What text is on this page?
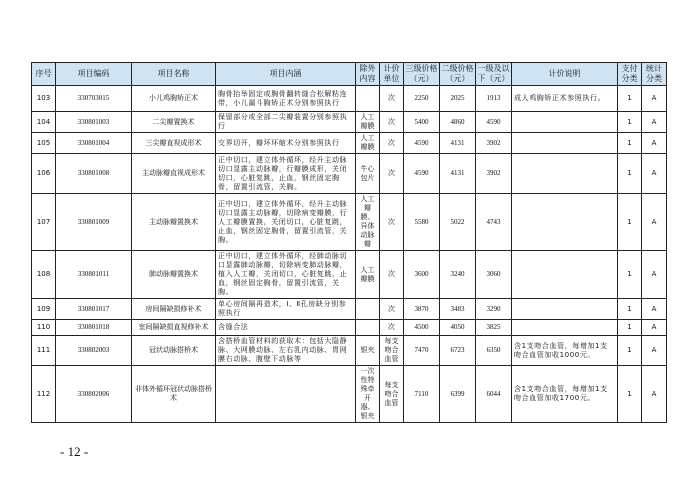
序号	项目编码	项目名称	项目内涵	除外内容	计价单位	三级价格（元）	二级价格（元）	一级及以下（元）	计价说明	支付分类	统计分类
103	330703015	小儿鸡胸矫正术	胸骨抬举固定或胸骨翻转缝合松解粘连带，小儿漏斗胸矫正术分别参照执行		次	2250	2025	1913	成人鸡胸矫正术参照执行。	1	A
104	330801003	二尖瓣置换术	保留部分或全部二尖瓣装置分别参照执行	人工瓣膜	次	5400	4860	4590		1	A
105	330801004	三尖瓣直视成形术	交界切开，瓣环环缩术分别参照执行	人工瓣膜	次	4590	4131	3902		1	A
106	330801008	主动脉瓣直视成形术	正中切口，建立体外循环，经升主动脉切口显露主动脉瓣，行瓣膜成形，关闭切口，心脏复跳，止血，钢丝固定胸骨，留置引流管，关胸。	牛心包片	次	4590	4131	3902		1	A
107	330801009	主动脉瓣置换术	正中切口，建立体外循环，经升主动脉切口显露主动脉瓣，切除病变瓣膜，行人工瓣膜置换，关闭切口，心脏复跳，止血，钢丝固定胸骨，留置引流管，关胸。	人工瓣膜、异体动脉瓣	次	5580	5022	4743		1	A
108	330801011	肺动脉瓣置换术	正中切口，建立体外循环，经肺动脉切口显露肺动脉瓣，切除病变肺动脉瓣，植入人工瓣，关闭切口，心脏复跳，止血，钢丝固定胸骨，留置引流管，关胸。	人工瓣膜	次	3600	3240	3060		1	A
109	330801017	房间隔缺损修补术	单心房间隔再造术，Ⅰ、Ⅱ孔房缺分别参照执行		次	3870	3483	3290		1	A
110	330801018	室间隔缺损直视修补术	含缝合法		次	4500	4050	3825		1	A
111	330802003	冠状动脉搭桥术	含搭桥血管材料的获取术：包括大隐静脉、大网膜动脉、左右乳内动脉、胃网膜右动脉、腹壁下动脉等	银夹	每支吻合血管	7470	6723	6350	含1支吻合血管，每增加1支吻合血管加收1000元。	1	A
112	330802006	非体外循环冠状动脉搭桥术		一次性特殊牵开器、银夹	每支吻合血管	7110	6399	6044	含1支吻合血管，每增加1支吻合血管加收1700元。	1	A
- 12 -
